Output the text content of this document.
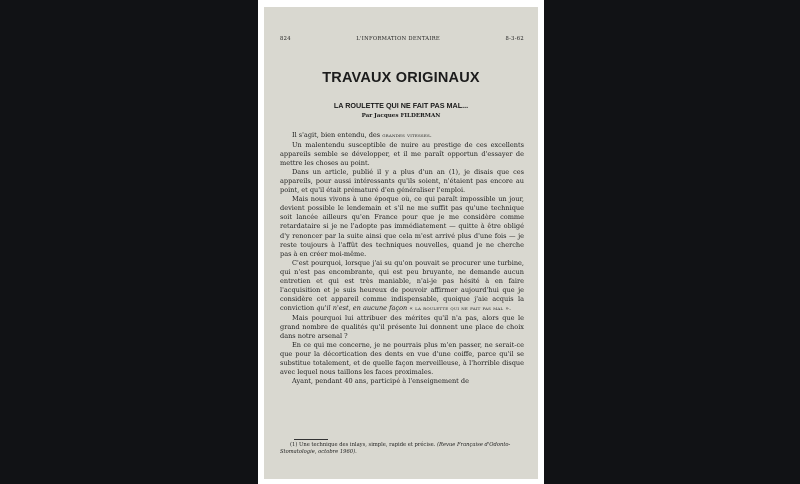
824	L'INFORMATION DENTAIRE	8-3-62
TRAVAUX ORIGINAUX
LA ROULETTE QUI NE FAIT PAS MAL...
Par Jacques FILDERMAN

Il s'agit, bien entendu, des grandes vitesses.

Un malentendu susceptible de nuire au prestige de ces excellents appareils semble se développer, et il me paraît opportun d'essayer de mettre les choses au point.

Dans un article, publié il y a plus d'un an (1), je disais que ces appareils, pour aussi intéressants qu'ils soient, n'étaient pas encore au point, et qu'il était prématuré d'en généraliser l'emploi.

Mais nous vivons à une époque où, ce qui paraît impossible un jour, devient possible le lendemain et s'il ne me suffit pas qu'une technique soit lancée ailleurs qu'en France pour que je me considère comme retardataire si je ne l'adopte pas immédiatement — quitte à être obligé d'y renoncer par la suite ainsi que cela m'est arrivé plus d'une fois — je reste toujours à l'affût des techniques nouvelles, quand je ne cherche pas à en créer moi-même.

C'est pourquoi, lorsque j'ai su qu'on pouvait se procurer une turbine, qui n'est pas encombrante, qui est peu bruyante, ne demande aucun entretien et qui est très maniable, n'ai-je pas hésité à en faire l'acquisition et je suis heureux de pouvoir affirmer aujourd'hui que je considère cet appareil comme indispensable, quoique j'aie acquis la conviction qu'il n'est, en aucune façon « la roulette qui ne fait pas mal ».

Mais pourquoi lui attribuer des mérites qu'il n'a pas, alors que le grand nombre de qualités qu'il présente lui donnent une place de choix dans notre arsenal ?

En ce qui me concerne, je ne pourrais plus m'en passer, ne serait-ce que pour la décortication des dents en vue d'une coiffe, parce qu'il se substitue totalement, et de quelle façon merveilleuse, à l'horrible disque avec lequel nous taillons les faces proximales.

Ayant, pendant 40 ans, participé à l'enseignement de

(1) Une technique des inlays, simple, rapide et précise. (Revue Française d'Odonto-Stomatologie, octobre 1960).
